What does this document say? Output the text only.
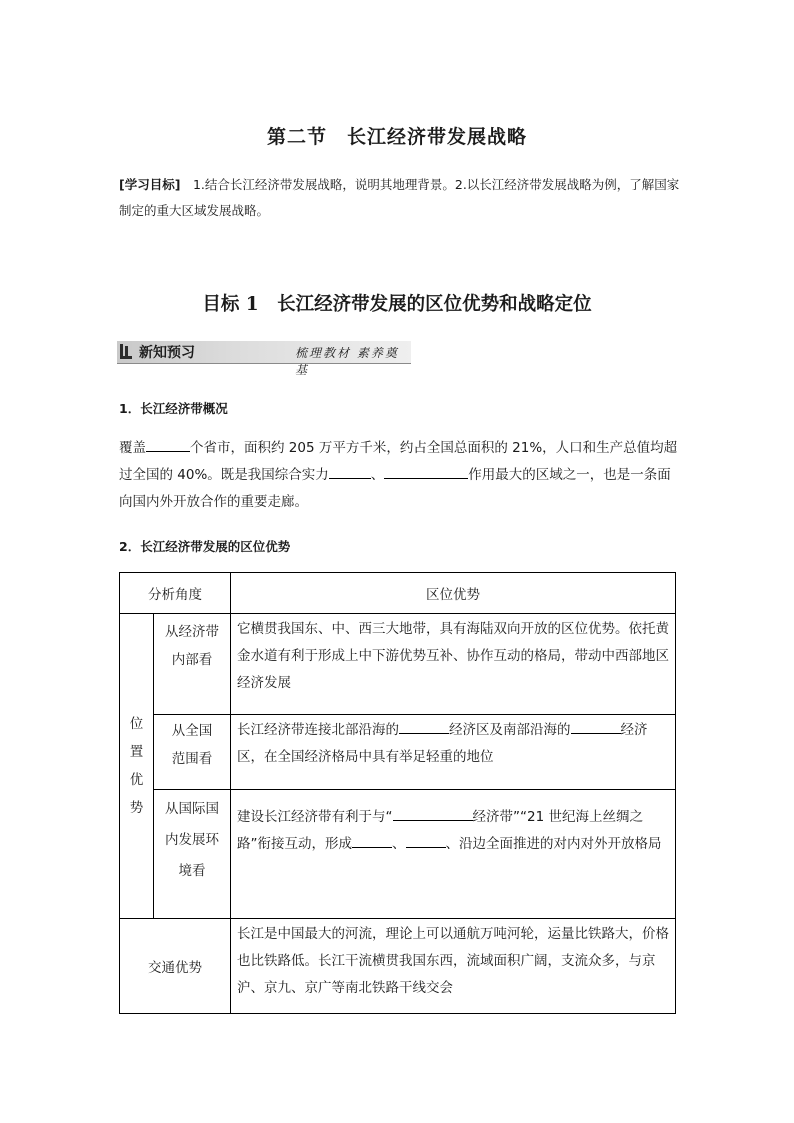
第二节　长江经济带发展战略
[学习目标]　1.结合长江经济带发展战略，说明其地理背景。2.以长江经济带发展战略为例，了解国家制定的重大区域发展战略。
目标 1　长江经济带发展的区位优势和战略定位
新知预习	梳理教材 素养奠基
1．长江经济带概况
覆盖	个省市，面积约 205 万平方千米，约占全国总面积的 21%，人口和生产总值均超过全国的 40%。既是我国综合实力	、	作用最大的区域之一，也是一条面向国内外开放合作的重要走廊。
2．长江经济带发展的区位优势
分析角度		区位优势

位置优势	从经济带内部看	它横贯我国东、中、西三大地带，具有海陆双向开放的区位优势。依托黄金水道有利于形成上中下游优势互补、协作互动的格局，带动中西部地区经济发展

	从全国范围看	长江经济带连接北部沿海的 经济区及南部沿海的 经济区，在全国经济格局中具有举足轻重的地位

	从国际国内发展环境看	建设长江经济带有利于与“ 经济带”“21 世纪海上丝绸之路”衔接互动，形成 、 、沿边全面推进的对内对外开放格局
交通优势		长江是中国最大的河流，理论上可以通航万吨河轮，运量比铁路大，价格也比铁路低。长江干流横贯我国东西，流域面积广阔，支流众多，与京沪、京九、京广等南北铁路干线交会
